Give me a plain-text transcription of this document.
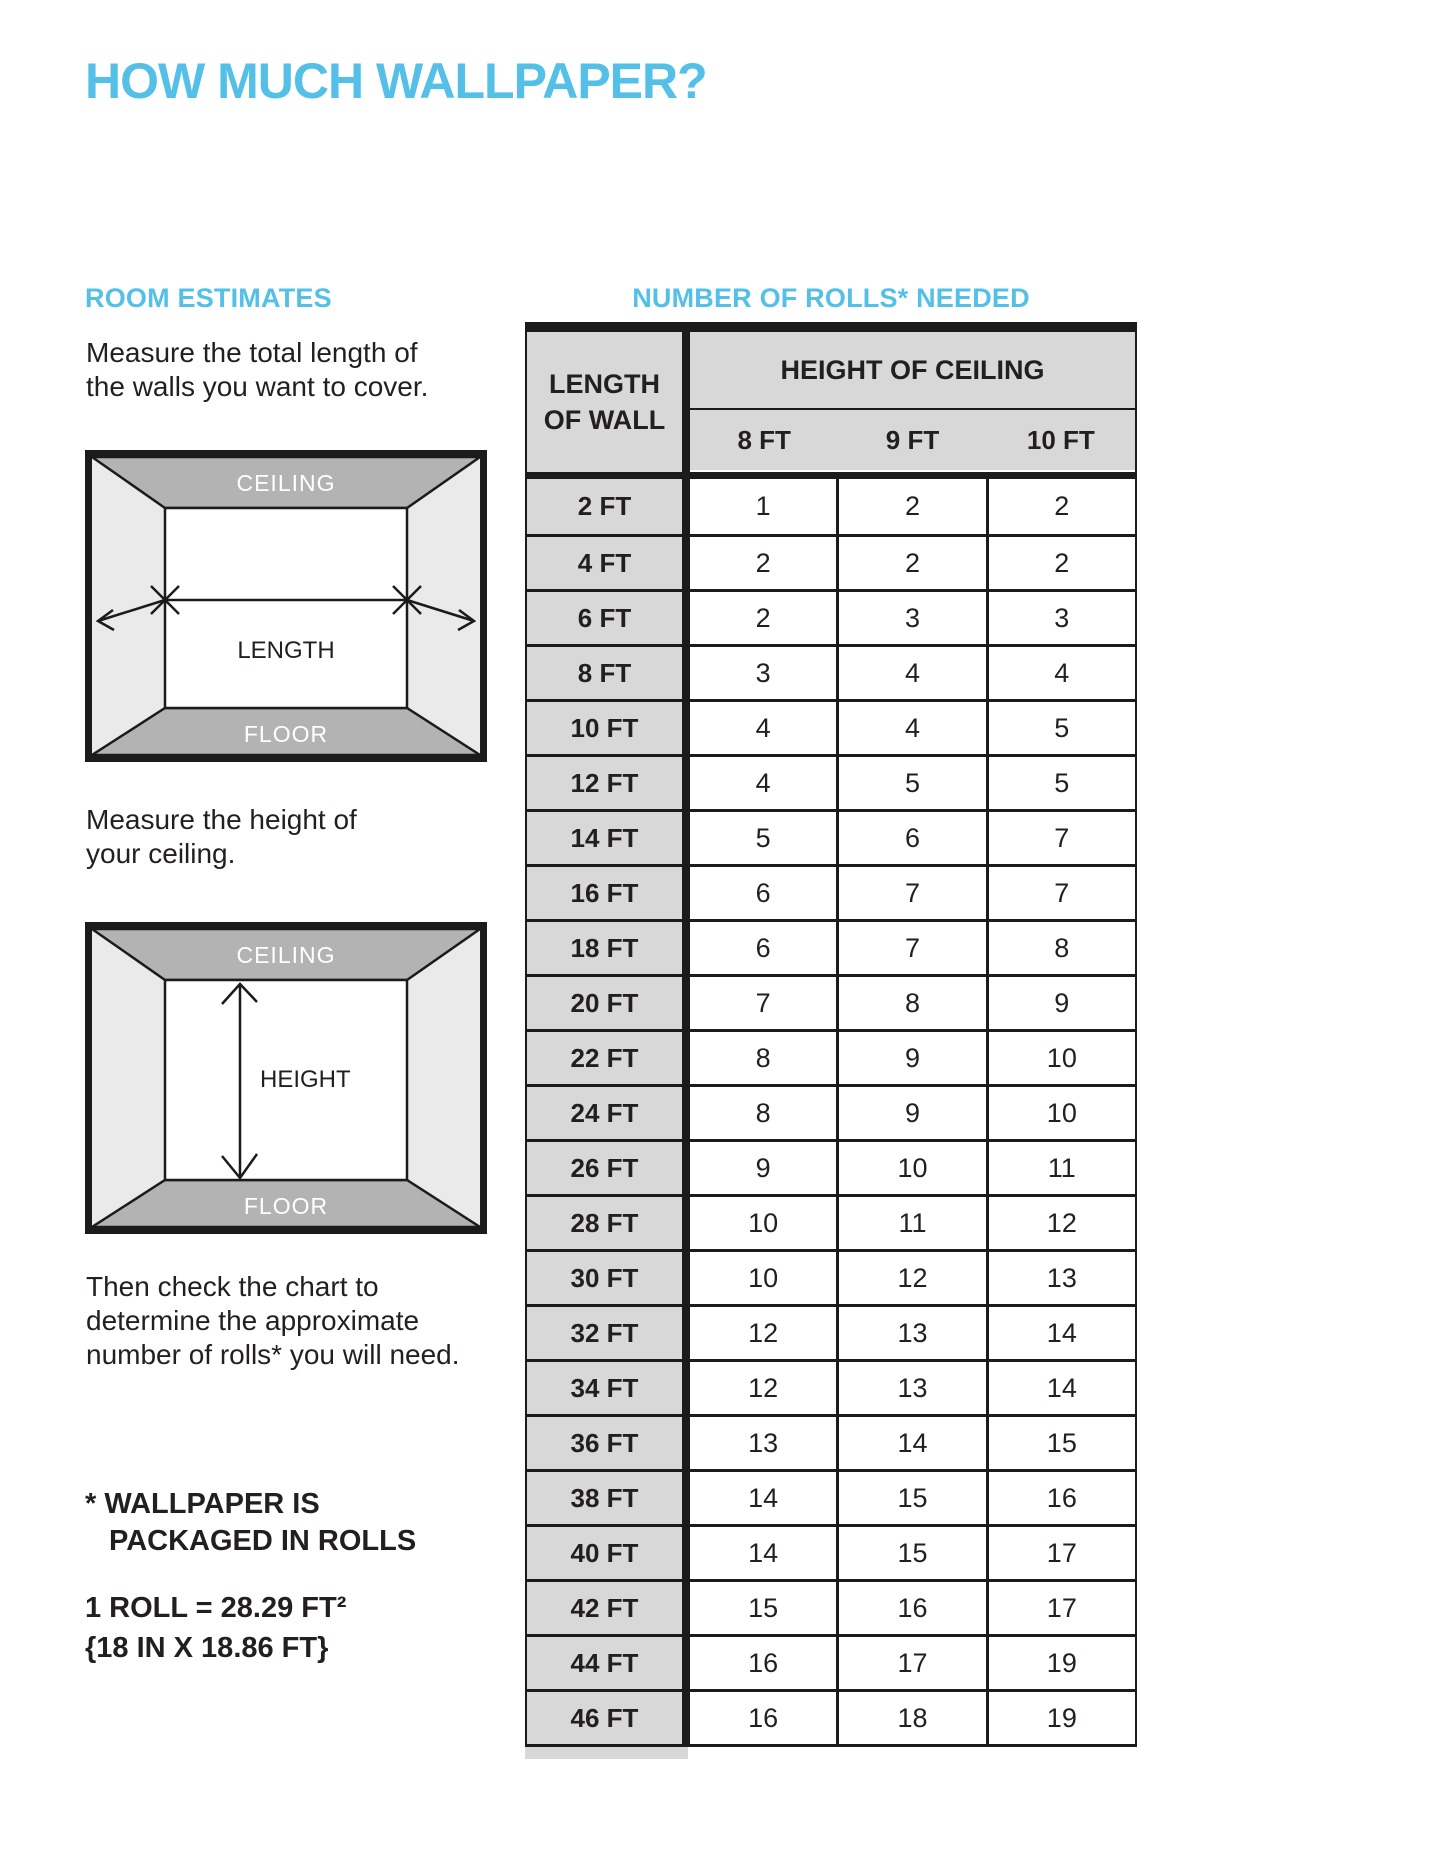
HOW MUCH WALLPAPER?
ROOM ESTIMATES	NUMBER OF ROLLS* NEEDED
Measure the total length of
the walls you want to cover.
CEILING
FLOOR
LENGTH
Measure the height of
your ceiling.
CEILING
FLOOR
HEIGHT
Then check the chart to
determine the approximate
number of rolls* you will need.
* WALLPAPER IS
PACKAGED IN ROLLS
1 ROLL = 28.29 FT²
{18 IN X 18.86 FT}
LENGTH
OF WALL
HEIGHT OF CEILING
8 FT	9 FT	10 FT
2 FT	1	2	2
4 FT	2	2	2
6 FT	2	3	3
8 FT	3	4	4
10 FT	4	4	5
12 FT	4	5	5
14 FT	5	6	7
16 FT	6	7	7
18 FT	6	7	8
20 FT	7	8	9
22 FT	8	9	10
24 FT	8	9	10
26 FT	9	10	11
28 FT	10	11	12
30 FT	10	12	13
32 FT	12	13	14
34 FT	12	13	14
36 FT	13	14	15
38 FT	14	15	16
40 FT	14	15	17
42 FT	15	16	17
44 FT	16	17	19
46 FT	16	18	19
